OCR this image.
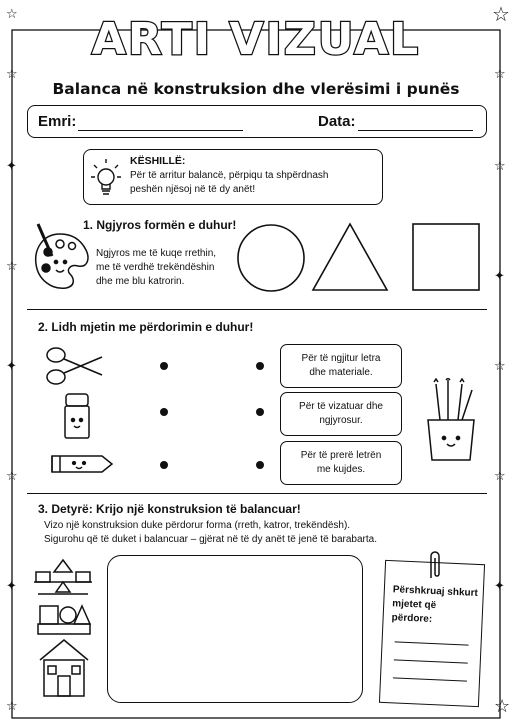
☆	☆
☆	☆
✦	☆
☆
✦
✦	☆
☆	☆
✦	✦
☆	☆
ARTI VIZUAL
Balanca në konstruksion dhe vlerësimi i punës
Emri:	Data:
KËSHILLË:
Për të arritur balancë, përpiqu ta shpërdnash
peshën njësoj në të dy anët!
1. Ngjyros formën e duhur!
Ngjyros me të kuqe rrethin,
me të verdhë trekëndëshin
dhe me blu katrorin.
2. Lidh mjetin me përdorimin e duhur!
Për të ngjitur letra
dhe materiale.
Për të vizatuar dhe
ngjyrosur.
Për të prerë letrën
me kujdes.
3. Detyrë: Krijo një konstruksion të balancuar!
Vizo një konstruksion duke përdorur forma (rreth, katror, trekëndësh).
Sigurohu që të duket i balancuar – gjërat në të dy anët të jenë të barabarta.
Përshkruaj shkurt
mjetet që
përdore:
